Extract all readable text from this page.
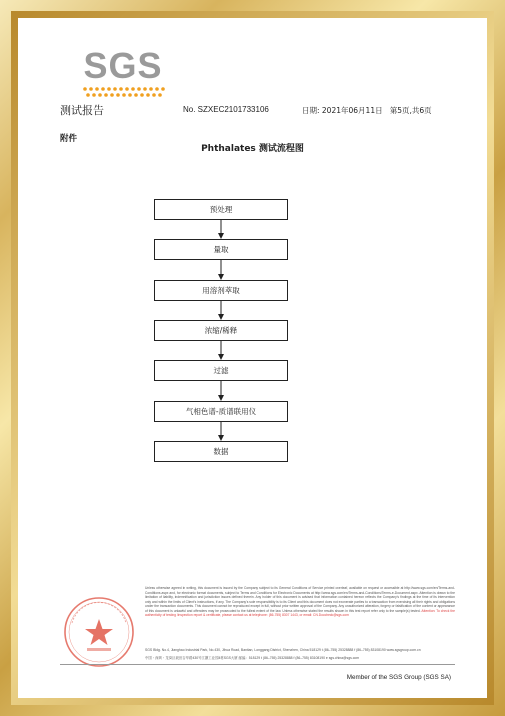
SGS
测试报告	No. SZXEC2101733106	日期: 2021年06月11日 第5页,共6页
附件
Phthalates 测试流程图
预处理
量取
用溶剂萃取
浓缩/稀释
过滤
气相色谱-质谱联用仪
数据
Unless otherwise agreed in writing, this document is issued by the Company subject to its General Conditions of Service printed overleaf, available on request or accessible at http://www.sgs.com/en/Terms-and-Conditions.aspx and, for electronic format documents, subject to Terms and Conditions for Electronic Documents at http://www.sgs.com/en/Terms-and-Conditions/Terms-e-Document.aspx. Attention is drawn to the limitation of liability, indemnification and jurisdiction issues defined therein. Any holder of this document is advised that information contained hereon reflects the Company's findings at the time of its intervention only and within the limits of Client's instructions, if any. The Company's sole responsibility is to its Client and this document does not exonerate parties to a transaction from exercising all their rights and obligations under the transaction documents. This document cannot be reproduced except in full, without prior written approval of the Company. Any unauthorized alteration, forgery or falsification of the content or appearance of this document is unlawful and offenders may be prosecuted to the fullest extent of the law. Unless otherwise stated the results shown in this test report refer only to the sample(s) tested. Attention: To check the authenticity of testing /inspection report & certificate, please contact us at telephone: (86-755) 8307 1443, or email: CN.Doccheck@sgs.com
SGS Bldg. No.4, Jianghao Industrial Park, No.430, Jihua Road, Bantian, Longgang District, Shenzhen, China 518129 t (86–755) 25328888 f (86–755) 83108190 www.sgsgroup.com.cn
中国・深圳・龙岗区坂田吉华路430号江灏工业园4栋SGS大厦 邮编：518129 t (86–755) 25328888 f (86–755) 83108190 e sgs.china@sgs.com
Member of the SGS Group (SGS SA)
